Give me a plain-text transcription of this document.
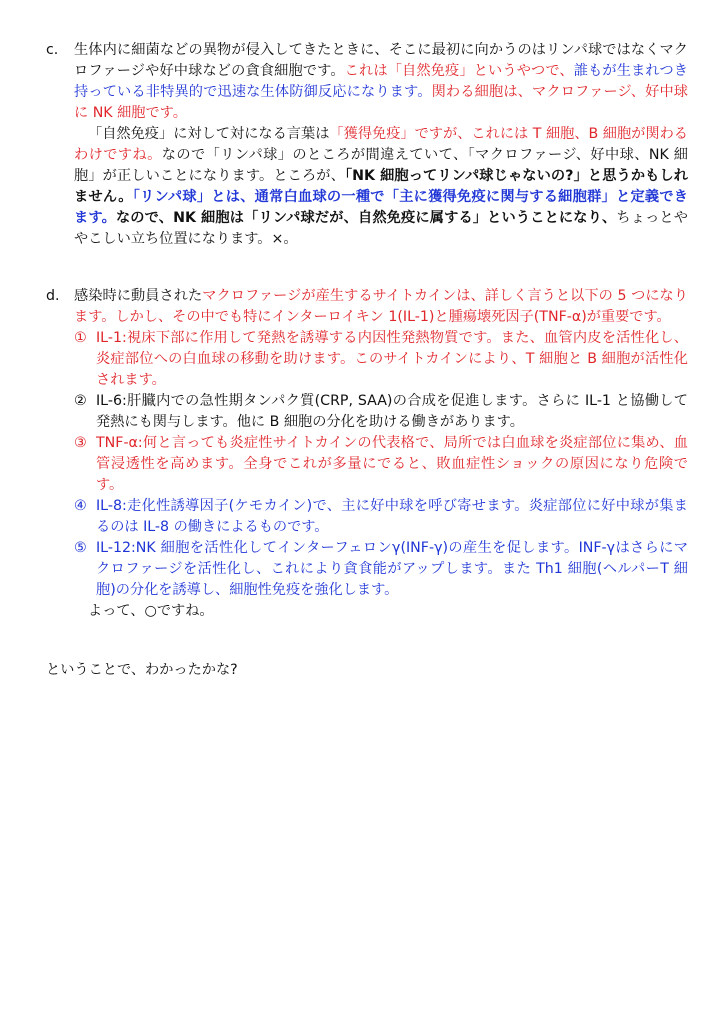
c. 生体内に細菌などの異物が侵入してきたときに、そこに最初に向かうのはリンパ球ではなくマクロファージや好中球などの貪食細胞です。これは「自然免疫」というやつで、誰もが生まれつき持っている非特異的で迅速な生体防御反応になります。関わる細胞は、マクロファージ、好中球に NK 細胞です。

「自然免疫」に対して対になる言葉は「獲得免疫」ですが、これには T 細胞、B 細胞が関わるわけですね。なので「リンパ球」のところが間違えていて、「マクロファージ、好中球、NK 細胞」が正しいことになります。ところが、「NK 細胞ってリンパ球じゃないの?」と思うかもしれません。「リンパ球」とは、通常白血球の一種で「主に獲得免疫に関与する細胞群」と定義できます。なので、NK 細胞は「リンパ球だが、自然免疫に属する」ということになり、ちょっとややこしい立ち位置になります。×。

d. 感染時に動員されたマクロファージが産生するサイトカインは、詳しく言うと以下の 5 つになります。しかし、その中でも特にインターロイキン 1(IL-1)と腫瘍壊死因子(TNF-α)が重要です。

① IL-1:視床下部に作用して発熱を誘導する内因性発熱物質です。また、血管内皮を活性化し、炎症部位への白血球の移動を助けます。このサイトカインにより、T 細胞と B 細胞が活性化されます。

② IL-6:肝臓内での急性期タンパク質(CRP, SAA)の合成を促進します。さらに IL-1 と協働して発熱にも関与します。他に B 細胞の分化を助ける働きがあります。

③ TNF-α:何と言っても炎症性サイトカインの代表格で、局所では白血球を炎症部位に集め、血管浸透性を高めます。全身でこれが多量にでると、敗血症性ショックの原因になり危険です。

④ IL-8:走化性誘導因子(ケモカイン)で、主に好中球を呼び寄せます。炎症部位に好中球が集まるのは IL-8 の働きによるものです。

⑤ IL-12:NK 細胞を活性化してインターフェロンγ(INF-γ)の産生を促します。INF-γはさらにマクロファージを活性化し、これにより貪食能がアップします。また Th1 細胞(ヘルパーT 細胞)の分化を誘導し、細胞性免疫を強化します。

よって、○ですね。

ということで、わかったかな?
